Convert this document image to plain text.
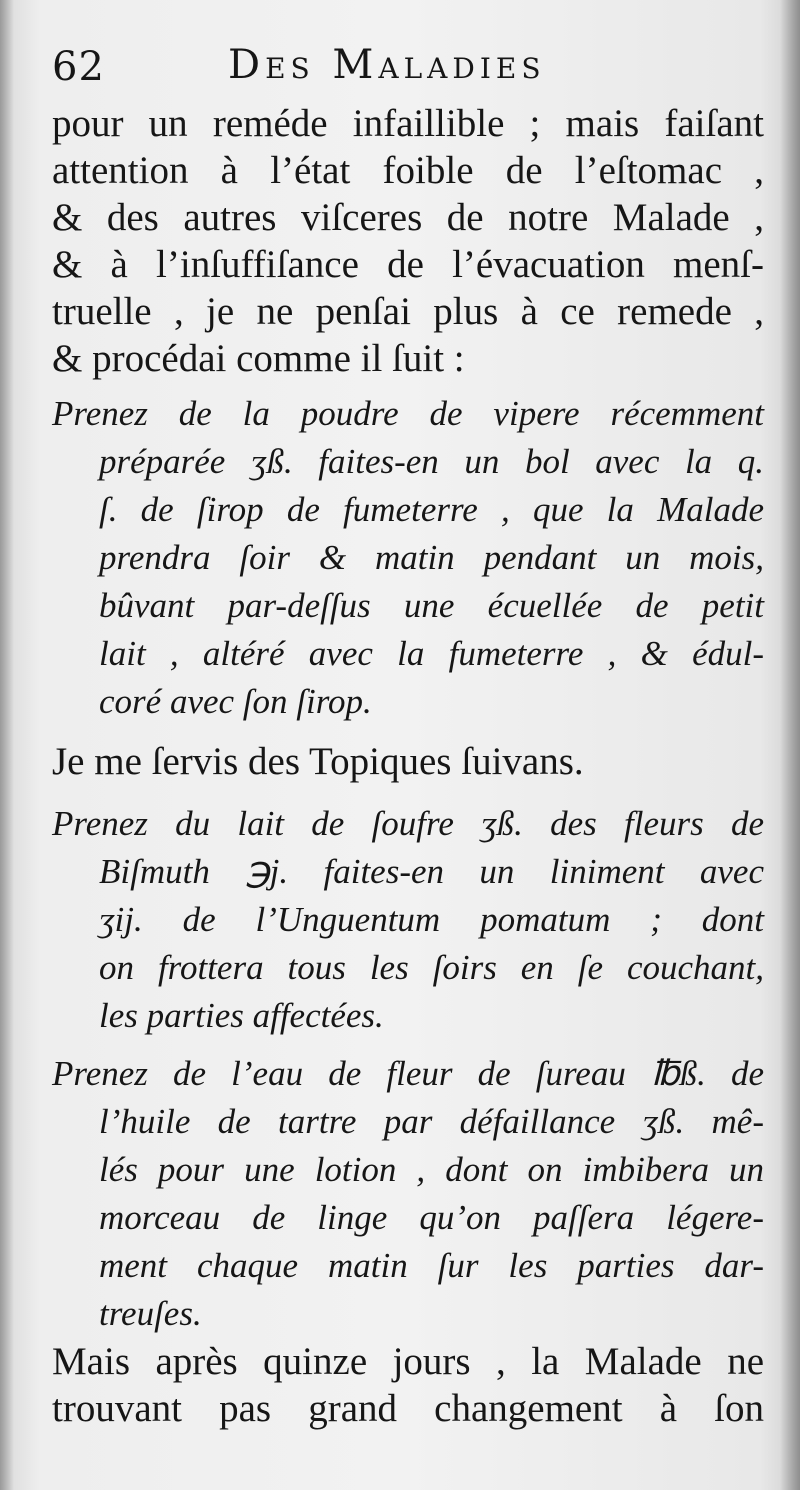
62	Des Maladies
pour un reméde infaillible ; mais faiſant
attention à l’état foible de l’eſtomac ,
& des autres viſceres de notre Malade ,
& à l’inſuffiſance de l’évacuation menſ-
truelle , je ne penſai plus à ce remede ,
& procédai comme il ſuit :
Prenez de la poudre de vipere récemment
préparée ʒß. faites-en un bol avec la q.
ſ. de ſirop de fumeterre , que la Malade
prendra ſoir & matin pendant un mois,
bûvant par-deſſus une écuellée de petit
lait , altéré avec la fumeterre , & édul-
coré avec ſon ſirop.
Je me ſervis des Topiques ſuivans.
Prenez du lait de ſoufre ʒß. des fleurs de
Biſmuth ℈j. faites-en un liniment avec
ʒij. de l’Unguentum pomatum ; dont
on frottera tous les ſoirs en ſe couchant,
les parties affectées.
Prenez de l’eau de fleur de ſureau ℔ß. de
l’huile de tartre par défaillance ʒß. mê-
lés pour une lotion , dont on imbibera un
morceau de linge qu’on paſſera légere-
ment chaque matin ſur les parties dar-
treuſes.
Mais après quinze jours , la Malade ne
trouvant pas grand changement à ſon
